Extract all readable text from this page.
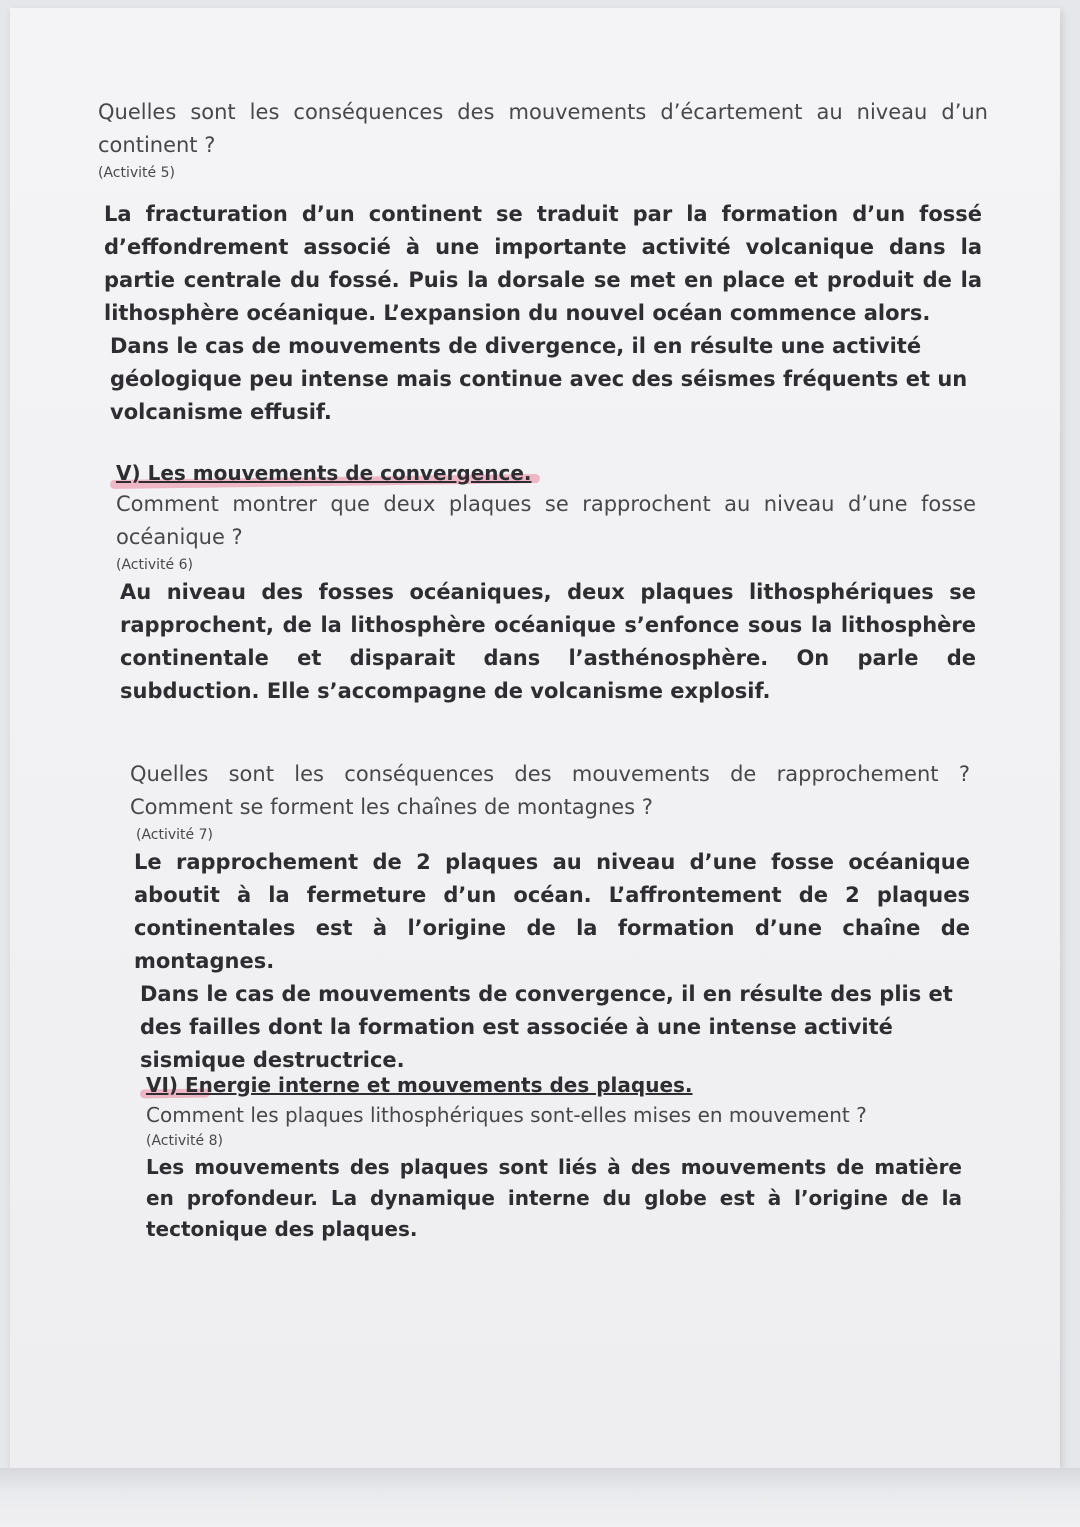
Quelles sont les conséquences des mouvements d’écartement au niveau d’un continent ?

(Activité 5)

La fracturation d’un continent se traduit par la formation d’un fossé d’effondrement associé à une importante activité volcanique dans la partie centrale du fossé. Puis la dorsale se met en place et produit de la lithosphère océanique. L’expansion du nouvel océan commence alors.

Dans le cas de mouvements de divergence, il en résulte une activité géologique peu intense mais continue avec des séismes fréquents et un volcanisme effusif.

V) Les mouvements de convergence.

Comment montrer que deux plaques se rapprochent au niveau d’une fosse océanique ?

(Activité 6)

Au niveau des fosses océaniques, deux plaques lithosphériques se rapprochent, de la lithosphère océanique s’enfonce sous la lithosphère continentale et disparait dans l’asthénosphère. On parle de subduction. Elle s’accompagne de volcanisme explosif.

Quelles sont les conséquences des mouvements de rapprochement ? Comment se forment les chaînes de montagnes ?

(Activité 7)

Le rapprochement de 2 plaques au niveau d’une fosse océanique aboutit à la fermeture d’un océan. L’affrontement de 2 plaques continentales est à l’origine de la formation d’une chaîne de montagnes.

Dans le cas de mouvements de convergence, il en résulte des plis et des failles dont la formation est associée à une intense activité sismique destructrice.

VI) Energie interne et mouvements des plaques.

Comment les plaques lithosphériques sont-elles mises en mouvement ?

(Activité 8)

Les mouvements des plaques sont liés à des mouvements de matière en profondeur. La dynamique interne du globe est à l’origine de la tectonique des plaques.
